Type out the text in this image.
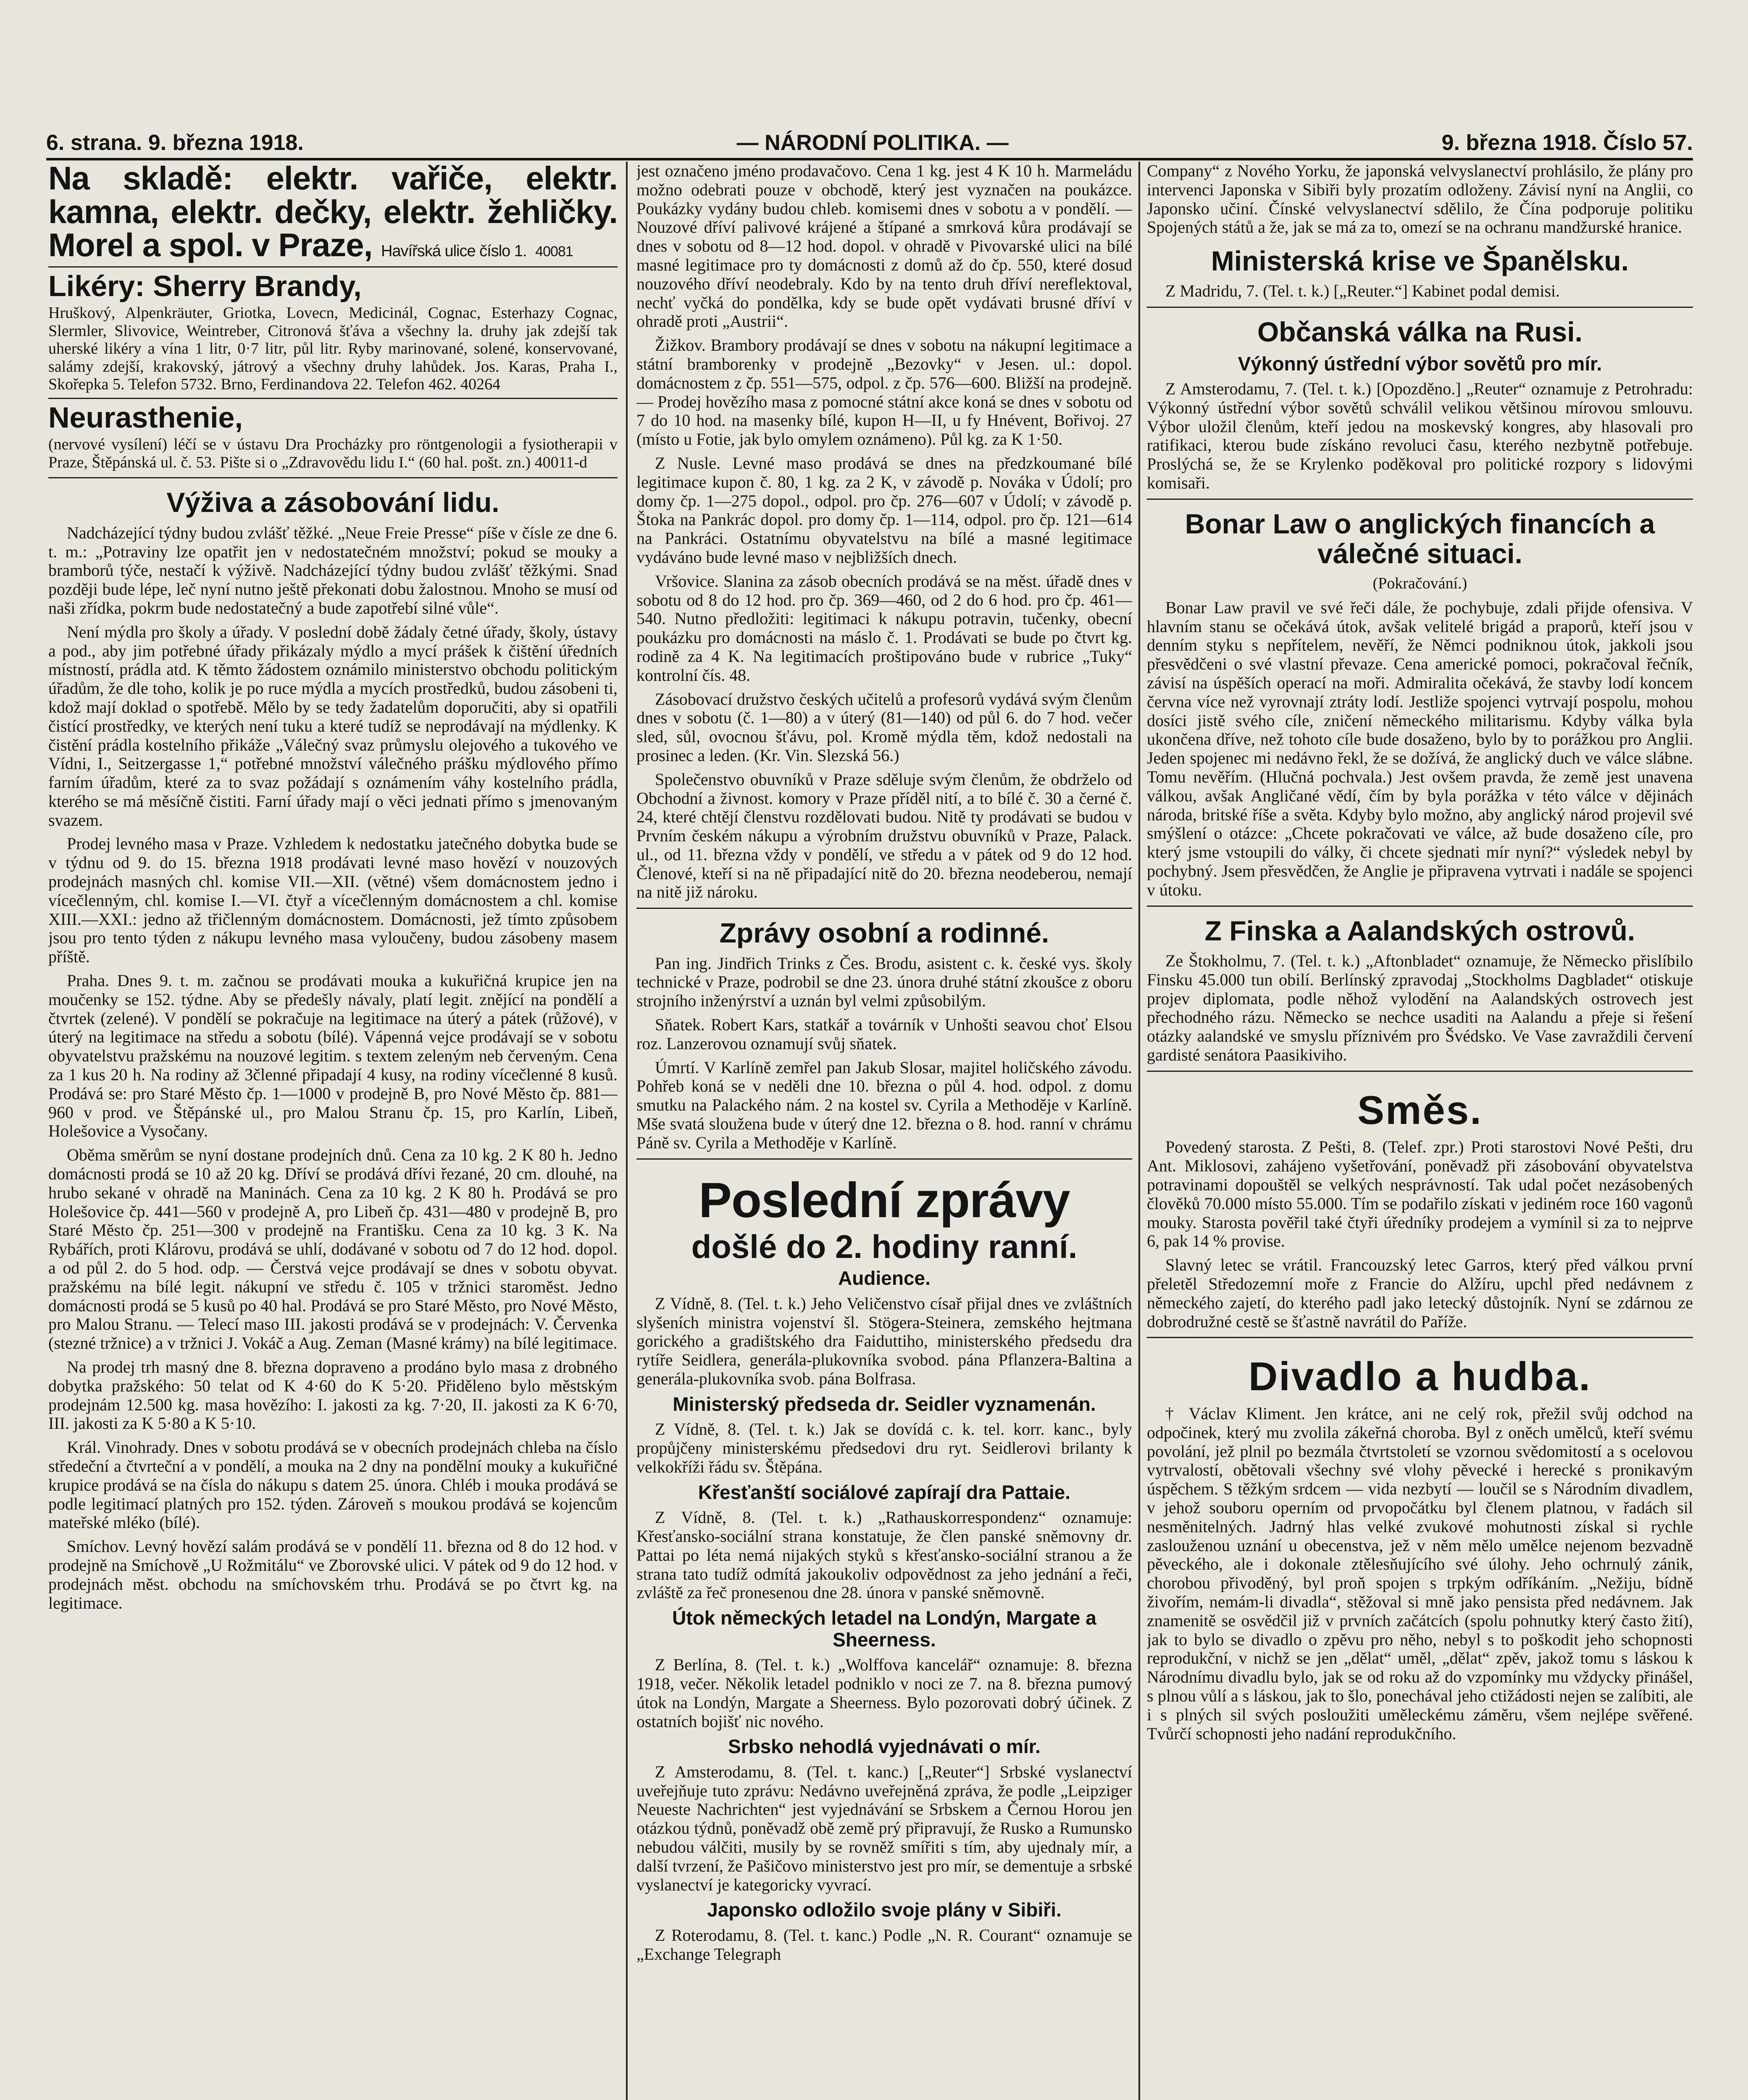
6. strana. 9. března 1918.	— NÁRODNÍ POLITIKA. —	9. března 1918. Číslo 57.
Na skladě: elektr. vařiče, elektr. kamna, elektr. dečky, elektr. žehličky. Morel a spol. v Praze, Havířská ulice číslo 1. 40081
Likéry: Sherry Brandy,
Hruškový, Alpenkräuter, Griotka, Lovecn, Medicinál, Cognac, Esterhazy Cognac, Slermler, Slivovice, Weintreber, Citronová šťáva a všechny la. druhy jak zdejší tak uherské likéry a vína 1 litr, 0·7 litr, půl litr. Ryby marinované, solené, konservované, salámy zdejší, krakovský, játrový a všechny druhy lahůdek. Jos. Karas, Praha I., Skořepka 5. Telefon 5732. Brno, Ferdinandova 22. Telefon 462. 40264
Neurasthenie,
(nervové vysílení) léčí se v ústavu Dra Procházky pro röntgenologii a fysiotherapii v Praze, Štěpánská ul. č. 53. Pište si o „Zdravovědu lidu I.“ (60 hal. pošt. zn.) 40011-d
Výživa a zásobování lidu.

Nadcházející týdny budou zvlášť těžké. „Neue Freie Presse“ píše v čísle ze dne 6. t. m.: „Potraviny lze opatřit jen v nedostatečném množství; pokud se mouky a bramborů týče, nestačí k výživě. Nadcházející týdny budou zvlášť těžkými. Snad později bude lépe, leč nyní nutno ještě překonati dobu žalostnou. Mnoho se musí od naši zřídka, pokrm bude nedostatečný a bude zapotřebí silné vůle“.

Není mýdla pro školy a úřady. V poslední době žádaly četné úřady, školy, ústavy a pod., aby jim potřebné úřady přikázaly mýdlo a mycí prášek k čištění úředních místností, prádla atd. K těmto žádostem oznámilo ministerstvo obchodu politickým úřadům, že dle toho, kolik je po ruce mýdla a mycích prostředků, budou zásobeni ti, kdož mají doklad o spotřebě. Mělo by se tedy žadatelům doporučiti, aby si opatřili čistící prostředky, ve kterých není tuku a které tudíž se neprodávají na mýdlenky. K čistění prádla kostelního přikáže „Válečný svaz průmyslu olejového a tukového ve Vídni, I., Seitzergasse 1,“ potřebné množství válečného prášku mýdlového přímo farním úřadům, které za to svaz požádají s oznámením váhy kostelního prádla, kterého se má měsíčně čistiti. Farní úřady mají o věci jednati přímo s jmenovaným svazem.

Prodej levného masa v Praze. Vzhledem k nedostatku jatečného dobytka bude se v týdnu od 9. do 15. března 1918 prodávati levné maso hovězí v nouzových prodejnách masných chl. komise VII.—XII. (větné) všem domácnostem jedno i vícečlenným, chl. komise I.—VI. čtyř a vícečlenným domácnostem a chl. komise XIII.—XXI.: jedno až třičlenným domácnostem. Domácnosti, jež tímto způsobem jsou pro tento týden z nákupu levného masa vyloučeny, budou zásobeny masem příště.

Praha. Dnes 9. t. m. začnou se prodávati mouka a kukuřičná krupice jen na moučenky se 152. týdne. Aby se předešly návaly, platí legit. znějící na pondělí a čtvrtek (zelené). V pondělí se pokračuje na legitimace na úterý a pátek (růžové), v úterý na legitimace na středu a sobotu (bílé). Vápenná vejce prodávají se v sobotu obyvatelstvu pražskému na nouzové legitim. s textem zeleným neb červeným. Cena za 1 kus 20 h. Na rodiny až 3členné připadají 4 kusy, na rodiny vícečlenné 8 kusů. Prodává se: pro Staré Město čp. 1—1000 v prodejně B, pro Nové Město čp. 881—960 v prod. ve Štěpánské ul., pro Malou Stranu čp. 15, pro Karlín, Libeň, Holešovice a Vysočany.

Oběma směrům se nyní dostane prodejních dnů. Cena za 10 kg. 2 K 80 h. Jedno domácnosti prodá se 10 až 20 kg. Dříví se prodává dřívi řezané, 20 cm. dlouhé, na hrubo sekané v ohradě na Maninách. Cena za 10 kg. 2 K 80 h. Prodává se pro Holešovice čp. 441—560 v prodejně A, pro Libeň čp. 431—480 v prodejně B, pro Staré Město čp. 251—300 v prodejně na Františku. Cena za 10 kg. 3 K. Na Rybářích, proti Klárovu, prodává se uhlí, dodávané v sobotu od 7 do 12 hod. dopol. a od půl 2. do 5 hod. odp. — Čerstvá vejce prodávají se dnes v sobotu obyvat. pražskému na bílé legit. nákupní ve středu č. 105 v tržnici staroměst. Jedno domácnosti prodá se 5 kusů po 40 hal. Prodává se pro Staré Město, pro Nové Město, pro Malou Stranu. — Telecí maso III. jakosti prodává se v prodejnách: V. Červenka (stezné tržnice) a v tržnici J. Vokáč a Aug. Zeman (Masné krámy) na bílé legitimace.

Na prodej trh masný dne 8. března dopraveno a prodáno bylo masa z drobného dobytka pražského: 50 telat od K 4·60 do K 5·20. Přiděleno bylo městským prodejnám 12.500 kg. masa hovězího: I. jakosti za kg. 7·20, II. jakosti za K 6·70, III. jakosti za K 5·80 a K 5·10.

Král. Vinohrady. Dnes v sobotu prodává se v obecních prodejnách chleba na číslo středeční a čtvrteční a v pondělí, a mouka na 2 dny na pondělní mouky a kukuřičné krupice prodává se na čísla do nákupu s datem 25. února. Chléb i mouka prodává se podle legitimací platných pro 152. týden. Zároveň s moukou prodává se kojencům mateřské mléko (bílé).

Smíchov. Levný hovězí salám prodává se v pondělí 11. března od 8 do 12 hod. v prodejně na Smíchově „U Rožmitálu“ ve Zborovské ulici. V pátek od 9 do 12 hod. v prodejnách měst. obchodu na smíchovském trhu. Prodává se po čtvrt kg. na legitimace.

jest označeno jméno prodavačovo. Cena 1 kg. jest 4 K 10 h. Marmeládu možno odebrati pouze v obchodě, který jest vyznačen na poukázce. Poukázky vydány budou chleb. komisemi dnes v sobotu a v pondělí. — Nouzové dříví palivové krájené a štípané a smrková kůra prodávají se dnes v sobotu od 8—12 hod. dopol. v ohradě v Pivovarské ulici na bílé masné legitimace pro ty domácnosti z domů až do čp. 550, které dosud nouzového dříví neodebraly. Kdo by na tento druh dříví nereflektoval, nechť vyčká do pondělka, kdy se bude opět vydávati brusné dříví v ohradě proti „Austrii“.

Žižkov. Brambory prodávají se dnes v sobotu na nákupní legitimace a státní bramborenky v prodejně „Bezovky“ v Jesen. ul.: dopol. domácnostem z čp. 551—575, odpol. z čp. 576—600. Bližší na prodejně. — Prodej hovězího masa z pomocné státní akce koná se dnes v sobotu od 7 do 10 hod. na masenky bílé, kupon H—II, u fy Hnévent, Bořivoj. 27 (místo u Fotie, jak bylo omylem oznámeno). Půl kg. za K 1·50.

Z Nusle. Levné maso prodává se dnes na předzkoumané bílé legitimace kupon č. 80, 1 kg. za 2 K, v závodě p. Nováka v Údolí; pro domy čp. 1—275 dopol., odpol. pro čp. 276—607 v Údolí; v závodě p. Štoka na Pankrác dopol. pro domy čp. 1—114, odpol. pro čp. 121—614 na Pankráci. Ostatnímu obyvatelstvu na bílé a masné legitimace vydáváno bude levné maso v nejbližších dnech.

Vršovice. Slanina za zásob obecních prodává se na měst. úřadě dnes v sobotu od 8 do 12 hod. pro čp. 369—460, od 2 do 6 hod. pro čp. 461—540. Nutno předložiti: legitimaci k nákupu potravin, tučenky, obecní poukázku pro domácnosti na máslo č. 1. Prodávati se bude po čtvrt kg. rodině za 4 K. Na legitimacích proštipováno bude v rubrice „Tuky“ kontrolní čís. 48.

Zásobovací družstvo českých učitelů a profesorů vydává svým členům dnes v sobotu (č. 1—80) a v úterý (81—140) od půl 6. do 7 hod. večer sled, sůl, ovocnou šťávu, pol. Kromě mýdla těm, kdož nedostali na prosinec a leden. (Kr. Vin. Slezská 56.)

Společenstvo obuvníků v Praze sděluje svým členům, že obdrželo od Obchodní a živnost. komory v Praze příděl nití, a to bílé č. 30 a černé č. 24, které chtějí členstvu rozdělovati budou. Nitě ty prodávati se budou v Prvním českém nákupu a výrobním družstvu obuvníků v Praze, Palack. ul., od 11. března vždy v pondělí, ve středu a v pátek od 9 do 12 hod. Členové, kteří si na ně připadající nitě do 20. března neodeberou, nemají na nitě již nároku.

Zprávy osobní a rodinné.

Pan ing. Jindřich Trinks z Čes. Brodu, asistent c. k. české vys. školy technické v Praze, podrobil se dne 23. února druhé státní zkoušce z oboru strojního inženýrství a uznán byl velmi způsobilým.

Sňatek. Robert Kars, statkář a továrník v Unhošti seavou choť Elsou roz. Lanzerovou oznamují svůj sňatek.

Úmrtí. V Karlíně zemřel pan Jakub Slosar, majitel holičského závodu. Pohřeb koná se v neděli dne 10. března o půl 4. hod. odpol. z domu smutku na Palackého nám. 2 na kostel sv. Cyrila a Methoděje v Karlíně. Mše svatá sloužena bude v úterý dne 12. března o 8. hod. ranní v chrámu Páně sv. Cyrila a Methoděje v Karlíně.

Poslední zprávy
došlé do 2. hodiny ranní.
Audience.

Z Vídně, 8. (Tel. t. k.) Jeho Veličenstvo císař přijal dnes ve zvláštních slyšeních ministra vojenství šl. Stögera-Steinera, zemského hejtmana gorického a gradištského dra Faiduttiho, ministerského předsedu dra rytíře Seidlera, generála-plukovníka svobod. pána Pflanzera-Baltina a generála-plukovníka svob. pána Bolfrasa.

Ministerský předseda dr. Seidler vyznamenán.

Z Vídně, 8. (Tel. t. k.) Jak se dovídá c. k. tel. korr. kanc., byly propůjčeny ministerskému předsedovi dru ryt. Seidlerovi brilanty k velkokříži řádu sv. Štěpána.

Křesťanští sociálové zapírají dra Pattaie.

Z Vídně, 8. (Tel. t. k.) „Rathauskorrespondenz“ oznamuje: Křesťansko-sociální strana konstatuje, že člen panské sněmovny dr. Pattai po léta nemá nijakých styků s křesťansko-sociální stranou a že strana tato tudíž odmítá jakoukoliv odpovědnost za jeho jednání a řeči, zvláště za řeč pronesenou dne 28. února v panské sněmovně.

Útok německých letadel na Londýn, Margate a Sheerness.

Z Berlína, 8. (Tel. t. k.) „Wolffova kancelář“ oznamuje: 8. března 1918, večer. Několik letadel podniklo v noci ze 7. na 8. března pumový útok na Londýn, Margate a Sheerness. Bylo pozorovati dobrý účinek. Z ostatních bojišť nic nového.

Srbsko nehodlá vyjednávati o mír.

Z Amsterodamu, 8. (Tel. t. kanc.) [„Reuter“] Srbské vyslanectví uveřejňuje tuto zprávu: Nedávno uveřejněná zpráva, že podle „Leipziger Neueste Nachrichten“ jest vyjednávání se Srbskem a Černou Horou jen otázkou týdnů, poněvadž obě země prý připravují, že Rusko a Rumunsko nebudou válčiti, musily by se rovněž smířiti s tím, aby ujednaly mír, a další tvrzení, že Pašičovo ministerstvo jest pro mír, se dementuje a srbské vyslanectví je kategoricky vyvrací.

Japonsko odložilo svoje plány v Sibiři.

Z Roterodamu, 8. (Tel. t. kanc.) Podle „N. R. Courant“ oznamuje se „Exchange Telegraph

Company“ z Nového Yorku, že japonská velvyslanectví prohlásilo, že plány pro intervenci Japonska v Sibiři byly prozatím odloženy. Závisí nyní na Anglii, co Japonsko učiní. Čínské velvyslanectví sdělilo, že Čína podporuje politiku Spojených států a že, jak se má za to, omezí se na ochranu mandžurské hranice.

Ministerská krise ve Španělsku.

Z Madridu, 7. (Tel. t. k.) [„Reuter.“] Kabinet podal demisi.

Občanská válka na Rusi.
Výkonný ústřední výbor sovětů pro mír.

Z Amsterodamu, 7. (Tel. t. k.) [Opozděno.] „Reuter“ oznamuje z Petrohradu: Výkonný ústřední výbor sovětů schválil velikou většinou mírovou smlouvu. Výbor uložil členům, kteří jedou na moskevský kongres, aby hlasovali pro ratifikaci, kterou bude získáno revoluci času, kterého nezbytně potřebuje. Proslýchá se, že se Krylenko poděkoval pro politické rozpory s lidovými komisaři.

Bonar Law o anglických financích a válečné situaci.
(Pokračování.)

Bonar Law pravil ve své řeči dále, že pochybuje, zdali přijde ofensiva. V hlavním stanu se očekává útok, avšak velitelé brigád a praporů, kteří jsou v denním styku s nepřítelem, nevěří, že Němci podniknou útok, jakkoli jsou přesvědčeni o své vlastní převaze. Cena americké pomoci, pokračoval řečník, závisí na úspěších operací na moři. Admiralita očekává, že stavby lodí koncem června více než vyrovnají ztráty lodí. Jestliže spojenci vytrvají pospolu, mohou dosíci jistě svého cíle, zničení německého militarismu. Kdyby válka byla ukončena dříve, než tohoto cíle bude dosaženo, bylo by to porážkou pro Anglii. Jeden spojenec mi nedávno řekl, že se dožívá, že anglický duch ve válce slábne. Tomu nevěřím. (Hlučná pochvala.) Jest ovšem pravda, že země jest unavena válkou, avšak Angličané vědí, čím by byla porážka v této válce v dějinách národa, britské říše a světa. Kdyby bylo možno, aby anglický národ projevil své smýšlení o otázce: „Chcete pokračovati ve válce, až bude dosaženo cíle, pro který jsme vstoupili do války, či chcete sjednati mír nyní?“ výsledek nebyl by pochybný. Jsem přesvědčen, že Anglie je připravena vytrvati i nadále se spojenci v útoku.

Z Finska a Aalandských ostrovů.

Ze Štokholmu, 7. (Tel. t. k.) „Aftonbladet“ oznamuje, že Německo přislíbilo Finsku 45.000 tun obilí. Berlínský zpravodaj „Stockholms Dagbladet“ otiskuje projev diplomata, podle něhož vylodění na Aalandských ostrovech jest přechodného rázu. Německo se nechce usaditi na Aalandu a přeje si řešení otázky aalandské ve smyslu příznivém pro Švédsko. Ve Vase zavraždili červení gardisté senátora Paasikiviho.

Směs.

Povedený starosta. Z Pešti, 8. (Telef. zpr.) Proti starostovi Nové Pešti, dru Ant. Miklosovi, zahájeno vyšetřování, poněvadž při zásobování obyvatelstva potravinami dopouštěl se velkých nesprávností. Tak udal počet nezásobených člověků 70.000 místo 55.000. Tím se podařilo získati v jediném roce 160 vagonů mouky. Starosta pověřil také čtyři úředníky prodejem a vymínil si za to nejprve 6, pak 14 % provise.

Slavný letec se vrátil. Francouzský letec Garros, který před válkou první přeletěl Středozemní moře z Francie do Alžíru, upchl před nedávnem z německého zajetí, do kterého padl jako letecký důstojník. Nyní se zdárnou ze dobrodružné cestě se šťastně navrátil do Paříže.

Divadlo a hudba.

† Václav Kliment. Jen krátce, ani ne celý rok, přežil svůj odchod na odpočinek, který mu zvolila zákeřná choroba. Byl z oněch umělců, kteří svému povolání, jež plnil po bezmála čtvrtstoletí se vzornou svědomitostí a s ocelovou vytrvalostí, obětovali všechny své vlohy pěvecké i herecké s pronikavým úspěchem. S těžkým srdcem — vida nezbytí — loučil se s Národním divadlem, v jehož souboru operním od prvopočátku byl členem platnou, v řadách sil nesměnitelných. Jadrný hlas velké zvukové mohutnosti získal si rychle zaslouženou uznání u obecenstva, jež v něm mělo umělce nejenom bezvadně pěveckého, ale i dokonale ztělesňujícího své úlohy. Jeho ochrnulý zánik, chorobou přivoděný, byl proň spojen s trpkým odříkáním. „Nežiju, bídně živořím, nemám-li divadla“, stěžoval si mně jako pensista před nedávnem. Jak znamenitě se osvědčil již v prvních začátcích (spolu pohnutky který často žití), jak to bylo se divadlo o zpěvu pro něho, nebyl s to poškodit jeho schopnosti reprodukční, v nichž se jen „dělat“ uměl, „dělat“ zpěv, jakož tomu s láskou k Národnímu divadlu bylo, jak se od roku až do vzpomínky mu vždycky přinášel, s plnou vůlí a s láskou, jak to šlo, ponechával jeho ctižádosti nejen se zalíbiti, ale i s plných sil svých posloužiti uměleckému záměru, všem nejlépe svěřené. Tvůrčí schopnosti jeho nadání reprodukčního.
